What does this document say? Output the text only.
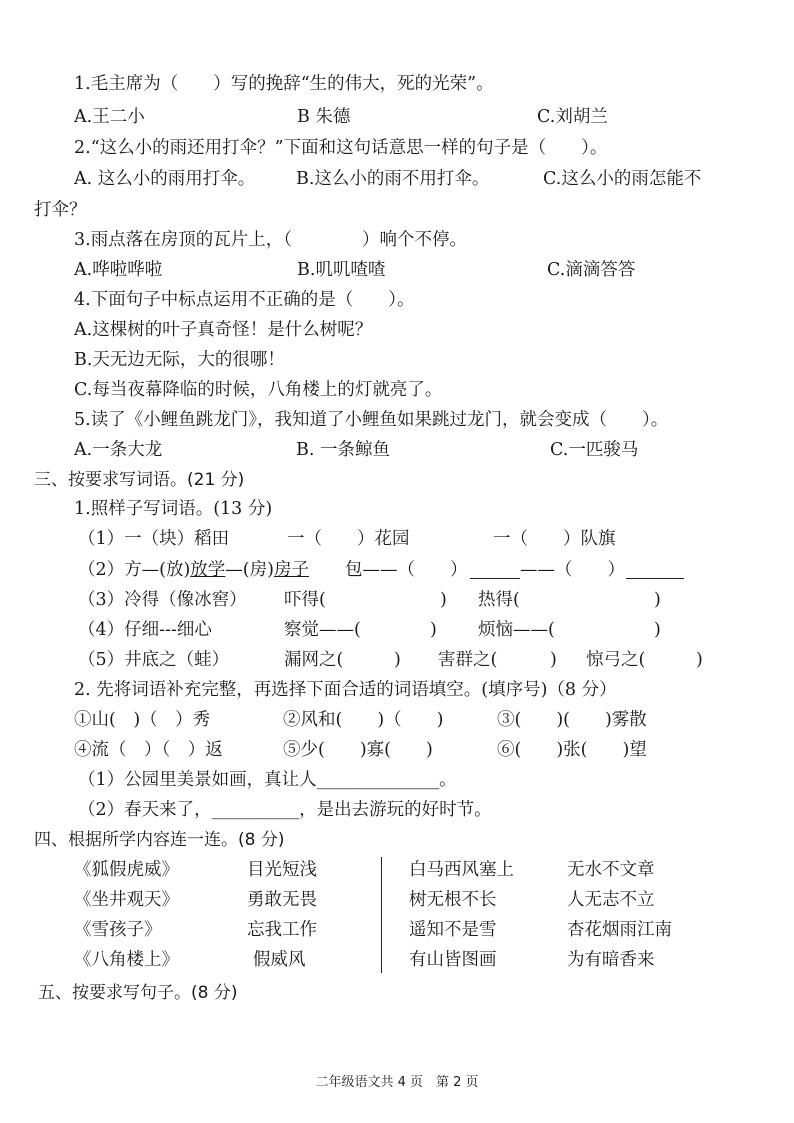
1.毛主席为（　　）写的挽辞“生的伟大，死的光荣”。
A.王二小	B 朱德	C.刘胡兰
2.“这么小的雨还用打伞？”下面和这句话意思一样的句子是（　　）。
A. 这么小的雨用打伞。 B.这么小的雨不用打伞。	C.这么小的雨怎能不
打伞？
3.雨点落在房顶的瓦片上，（　　　　）响个不停。
A.哗啦哗啦	B.叽叽喳喳	C.滴滴答答
4.下面句子中标点运用不正确的是（　　）。
A.这棵树的叶子真奇怪！是什么树呢？
B.天无边无际，大的很哪！
C.每当夜幕降临的时候，八角楼上的灯就亮了。
5.读了《小鲤鱼跳龙门》，我知道了小鲤鱼如果跳过龙门，就会变成（　　）。
A.一条大龙	B. 一条鲸鱼	C.一匹骏马
三、按要求写词语。(21 分)
1.照样子写词语。(13 分)
（1）一（块）稻田	一（　　）花园	一（　　）队旗
（2）方—(放)放学—(房)房子 包——（　　）	——（　　）
（3）冷得（像冰窖） 吓得(	) 热得(	)
（4）仔细---细心	察觉——(	) 烦恼——(	)
（5）井底之（蛙）	漏网之(	) 害群之(	) 惊弓之(	)
2. 先将词语补充完整，再选择下面合适的词语填空。(填序号)（8 分）
①山(　)（　）秀	②风和(　　)（　　)	③(　　)(　　)雾散
④流（　）（　）返	⑤少(　　)寡(　　)	⑥(　　)张(　　)望
（1）公园里美景如画，真让人______________。
（2）春天来了，__________，是出去游玩的好时节。
四、根据所学内容连一连。(8 分)
《狐假虎威》	目光短浅	白马西风塞上	无水不文章
《坐井观天》	勇敢无畏	树无根不长	人无志不立
《雪孩子》	忘我工作	遥知不是雪	杏花烟雨江南
《八角楼上》	假威风	有山皆图画	为有暗香来
五、按要求写句子。(8 分)
二年级语文共 4 页　第 2 页
